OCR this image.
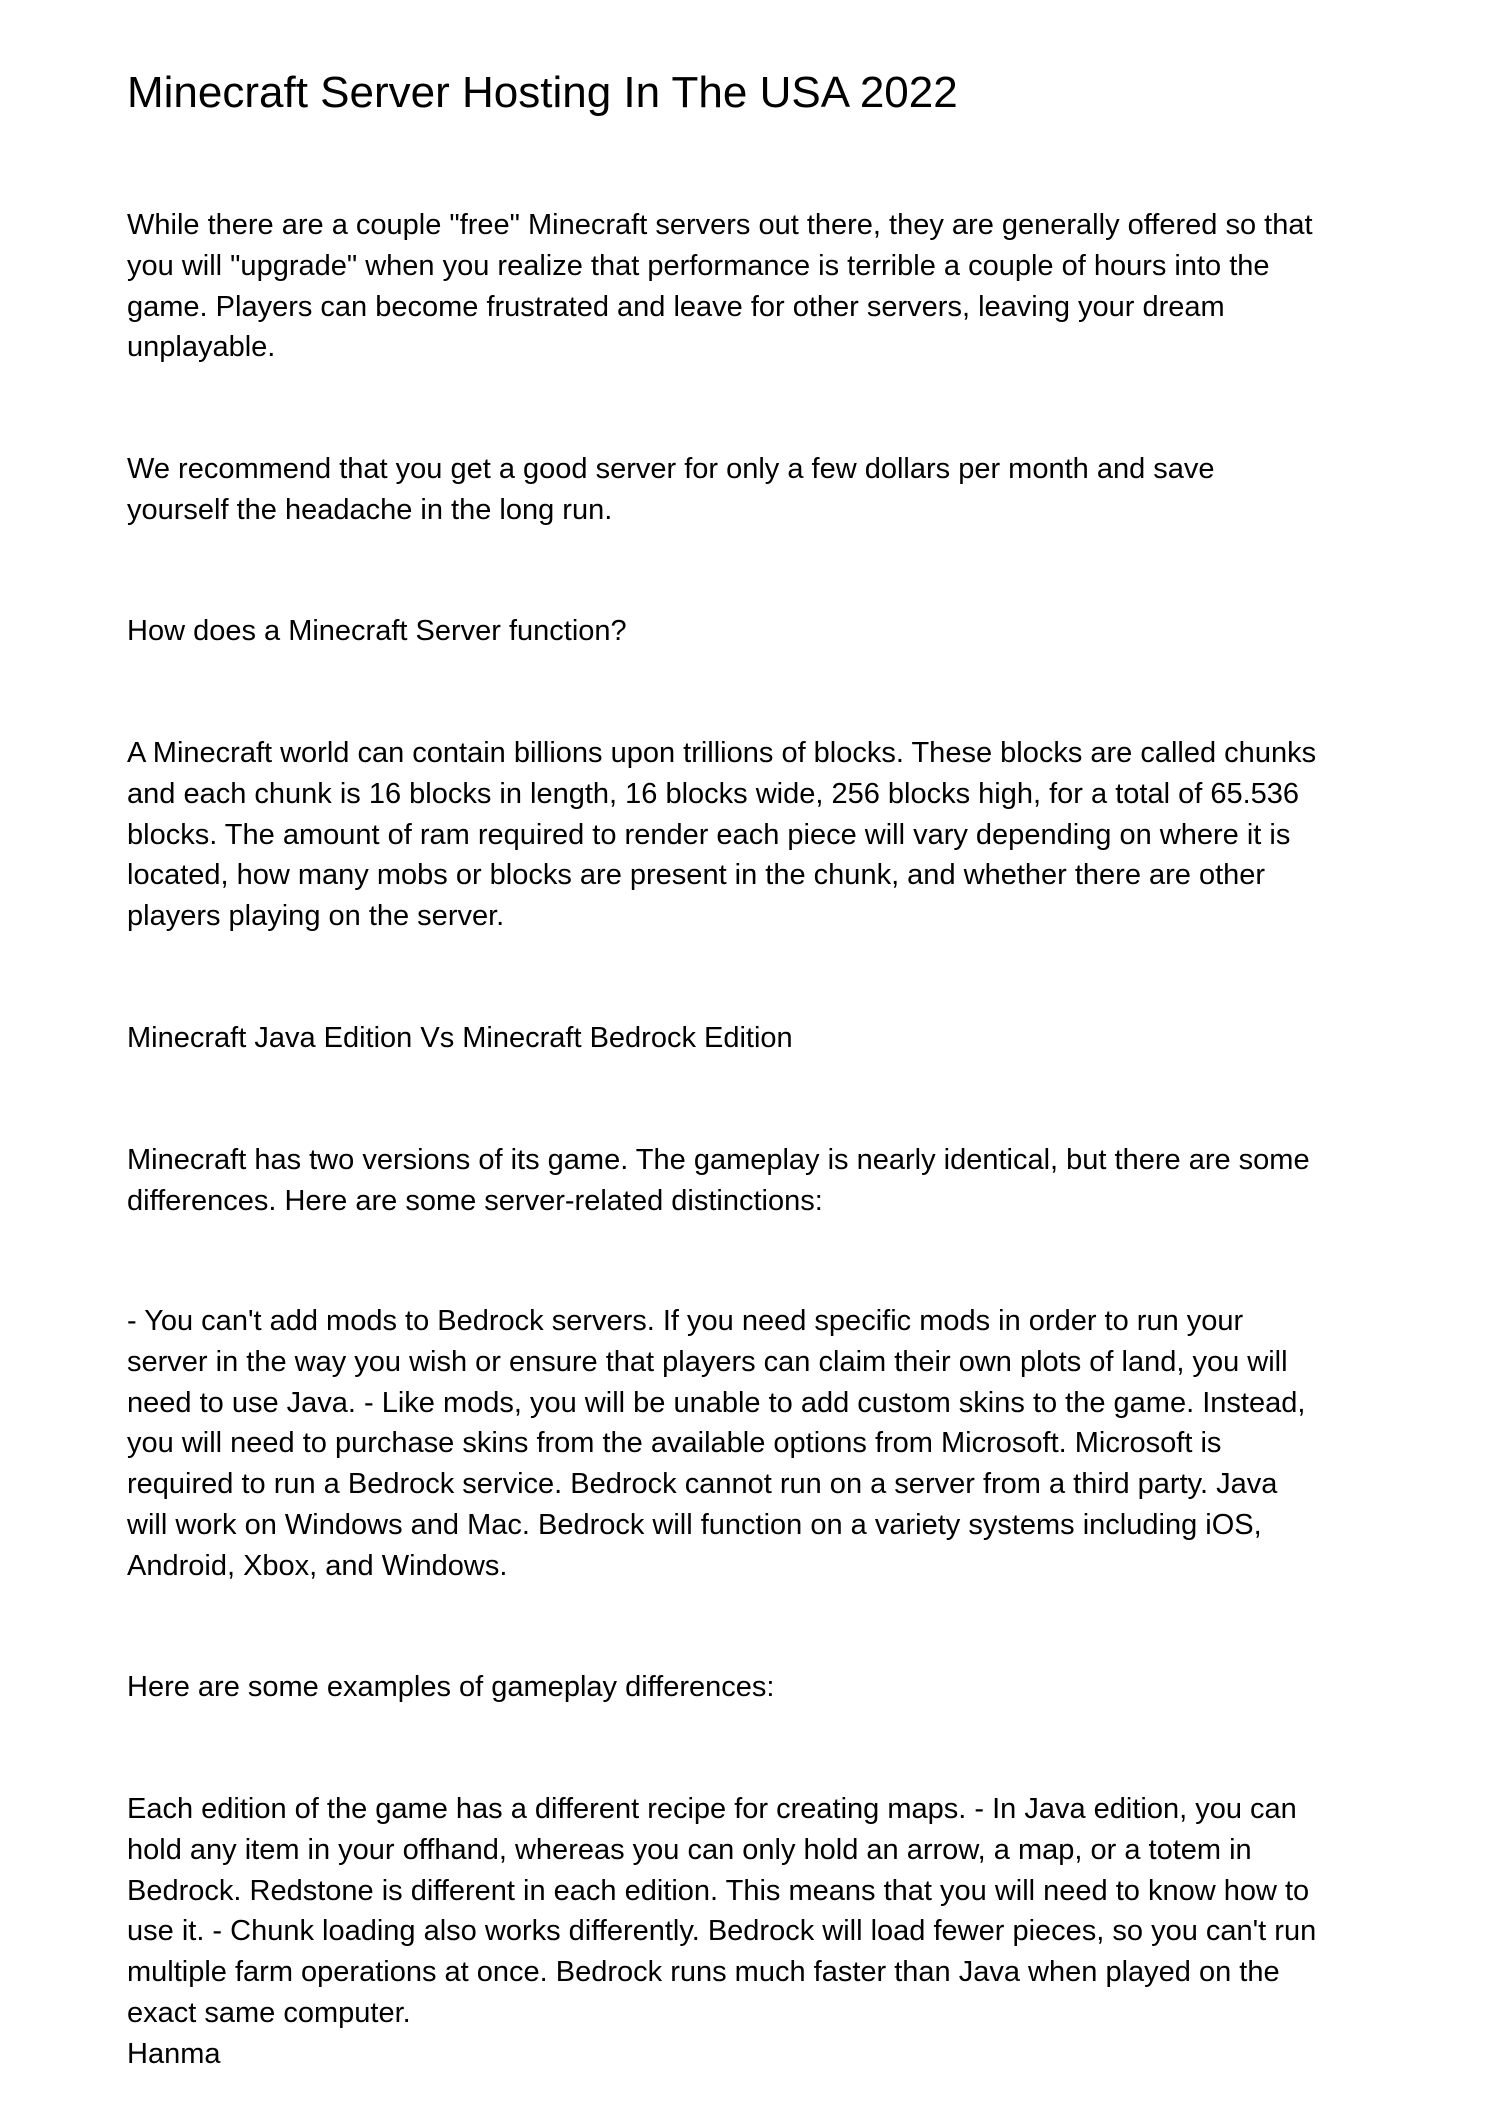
Minecraft Server Hosting In The USA 2022
While there are a couple "free" Minecraft servers out there, they are generally offered so that
you will "upgrade" when you realize that performance is terrible a couple of hours into the
game. Players can become frustrated and leave for other servers, leaving your dream
unplayable.
We recommend that you get a good server for only a few dollars per month and save
yourself the headache in the long run.
How does a Minecraft Server function?
A Minecraft world can contain billions upon trillions of blocks. These blocks are called chunks
and each chunk is 16 blocks in length, 16 blocks wide, 256 blocks high, for a total of 65.536
blocks. The amount of ram required to render each piece will vary depending on where it is
located, how many mobs or blocks are present in the chunk, and whether there are other
players playing on the server.
Minecraft Java Edition Vs Minecraft Bedrock Edition
Minecraft has two versions of its game. The gameplay is nearly identical, but there are some
differences. Here are some server-related distinctions:
- You can't add mods to Bedrock servers. If you need specific mods in order to run your
server in the way you wish or ensure that players can claim their own plots of land, you will
need to use Java. - Like mods, you will be unable to add custom skins to the game. Instead,
you will need to purchase skins from the available options from Microsoft. Microsoft is
required to run a Bedrock service. Bedrock cannot run on a server from a third party. Java
will work on Windows and Mac. Bedrock will function on a variety systems including iOS,
Android, Xbox, and Windows.
Here are some examples of gameplay differences:
Each edition of the game has a different recipe for creating maps. - In Java edition, you can
hold any item in your offhand, whereas you can only hold an arrow, a map, or a totem in
Bedrock. Redstone is different in each edition. This means that you will need to know how to
use it. - Chunk loading also works differently. Bedrock will load fewer pieces, so you can't run
multiple farm operations at once. Bedrock runs much faster than Java when played on the
exact same computer.
Hanma
